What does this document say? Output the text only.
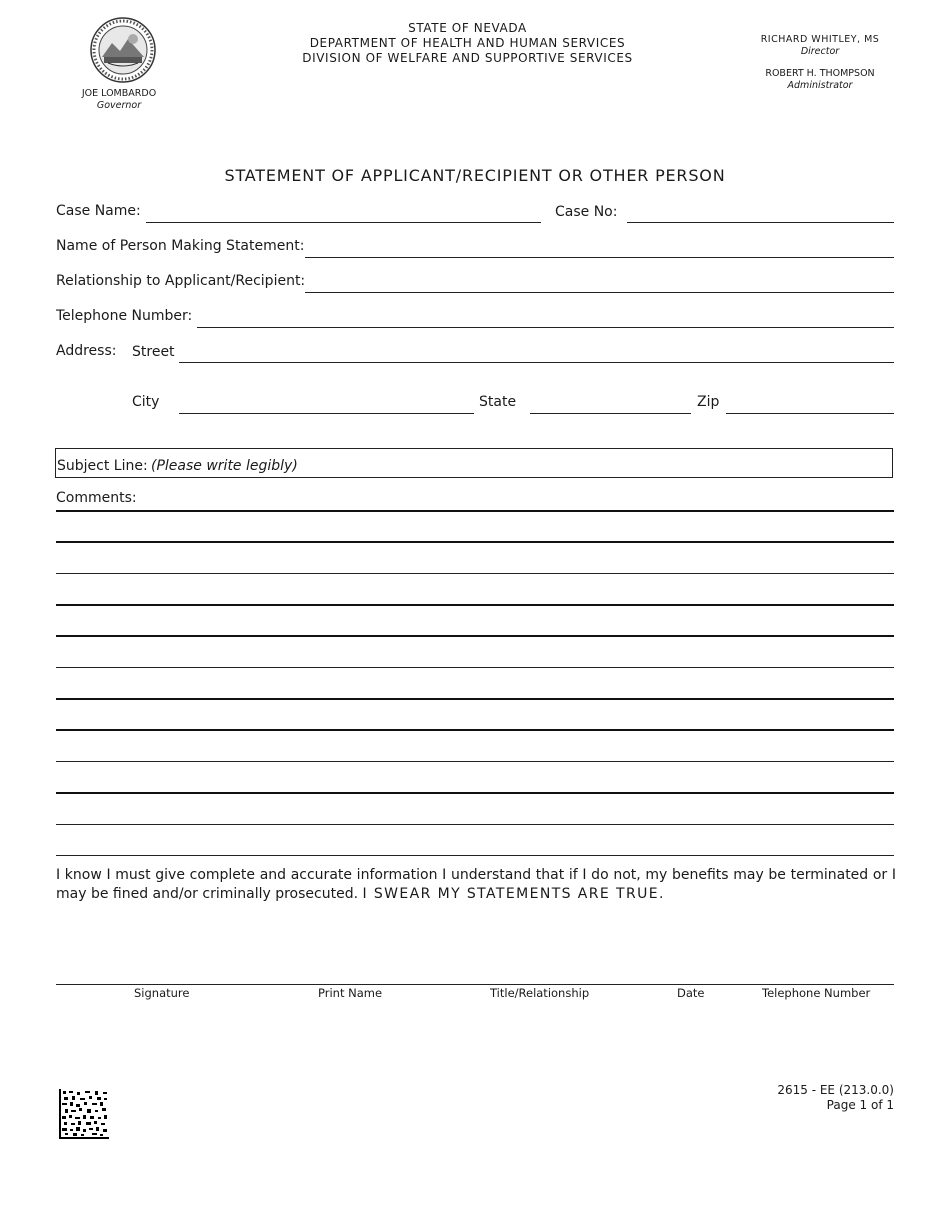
JOE LOMBARDO
Governor
STATE OF NEVADA
DEPARTMENT OF HEALTH AND HUMAN SERVICES
DIVISION OF WELFARE AND SUPPORTIVE SERVICES
RICHARD WHITLEY, MS
Director
ROBERT H. THOMPSON
Administrator
STATEMENT OF APPLICANT/RECIPIENT OR OTHER PERSON
Case Name:	Case No:
Name of Person Making Statement:
Relationship to Applicant/Recipient:
Telephone Number:
Address: Street
City	State	Zip
Subject Line: (Please write legibly)
Comments:
I know I must give complete and accurate information I understand that if I do not, my benefits may be terminated or I may be fined and/or criminally prosecuted. I SWEAR MY STATEMENTS ARE TRUE.
Signature	Print Name	Title/Relationship	Date	Telephone Number
2615 - EE (213.0.0)
Page 1 of 1
